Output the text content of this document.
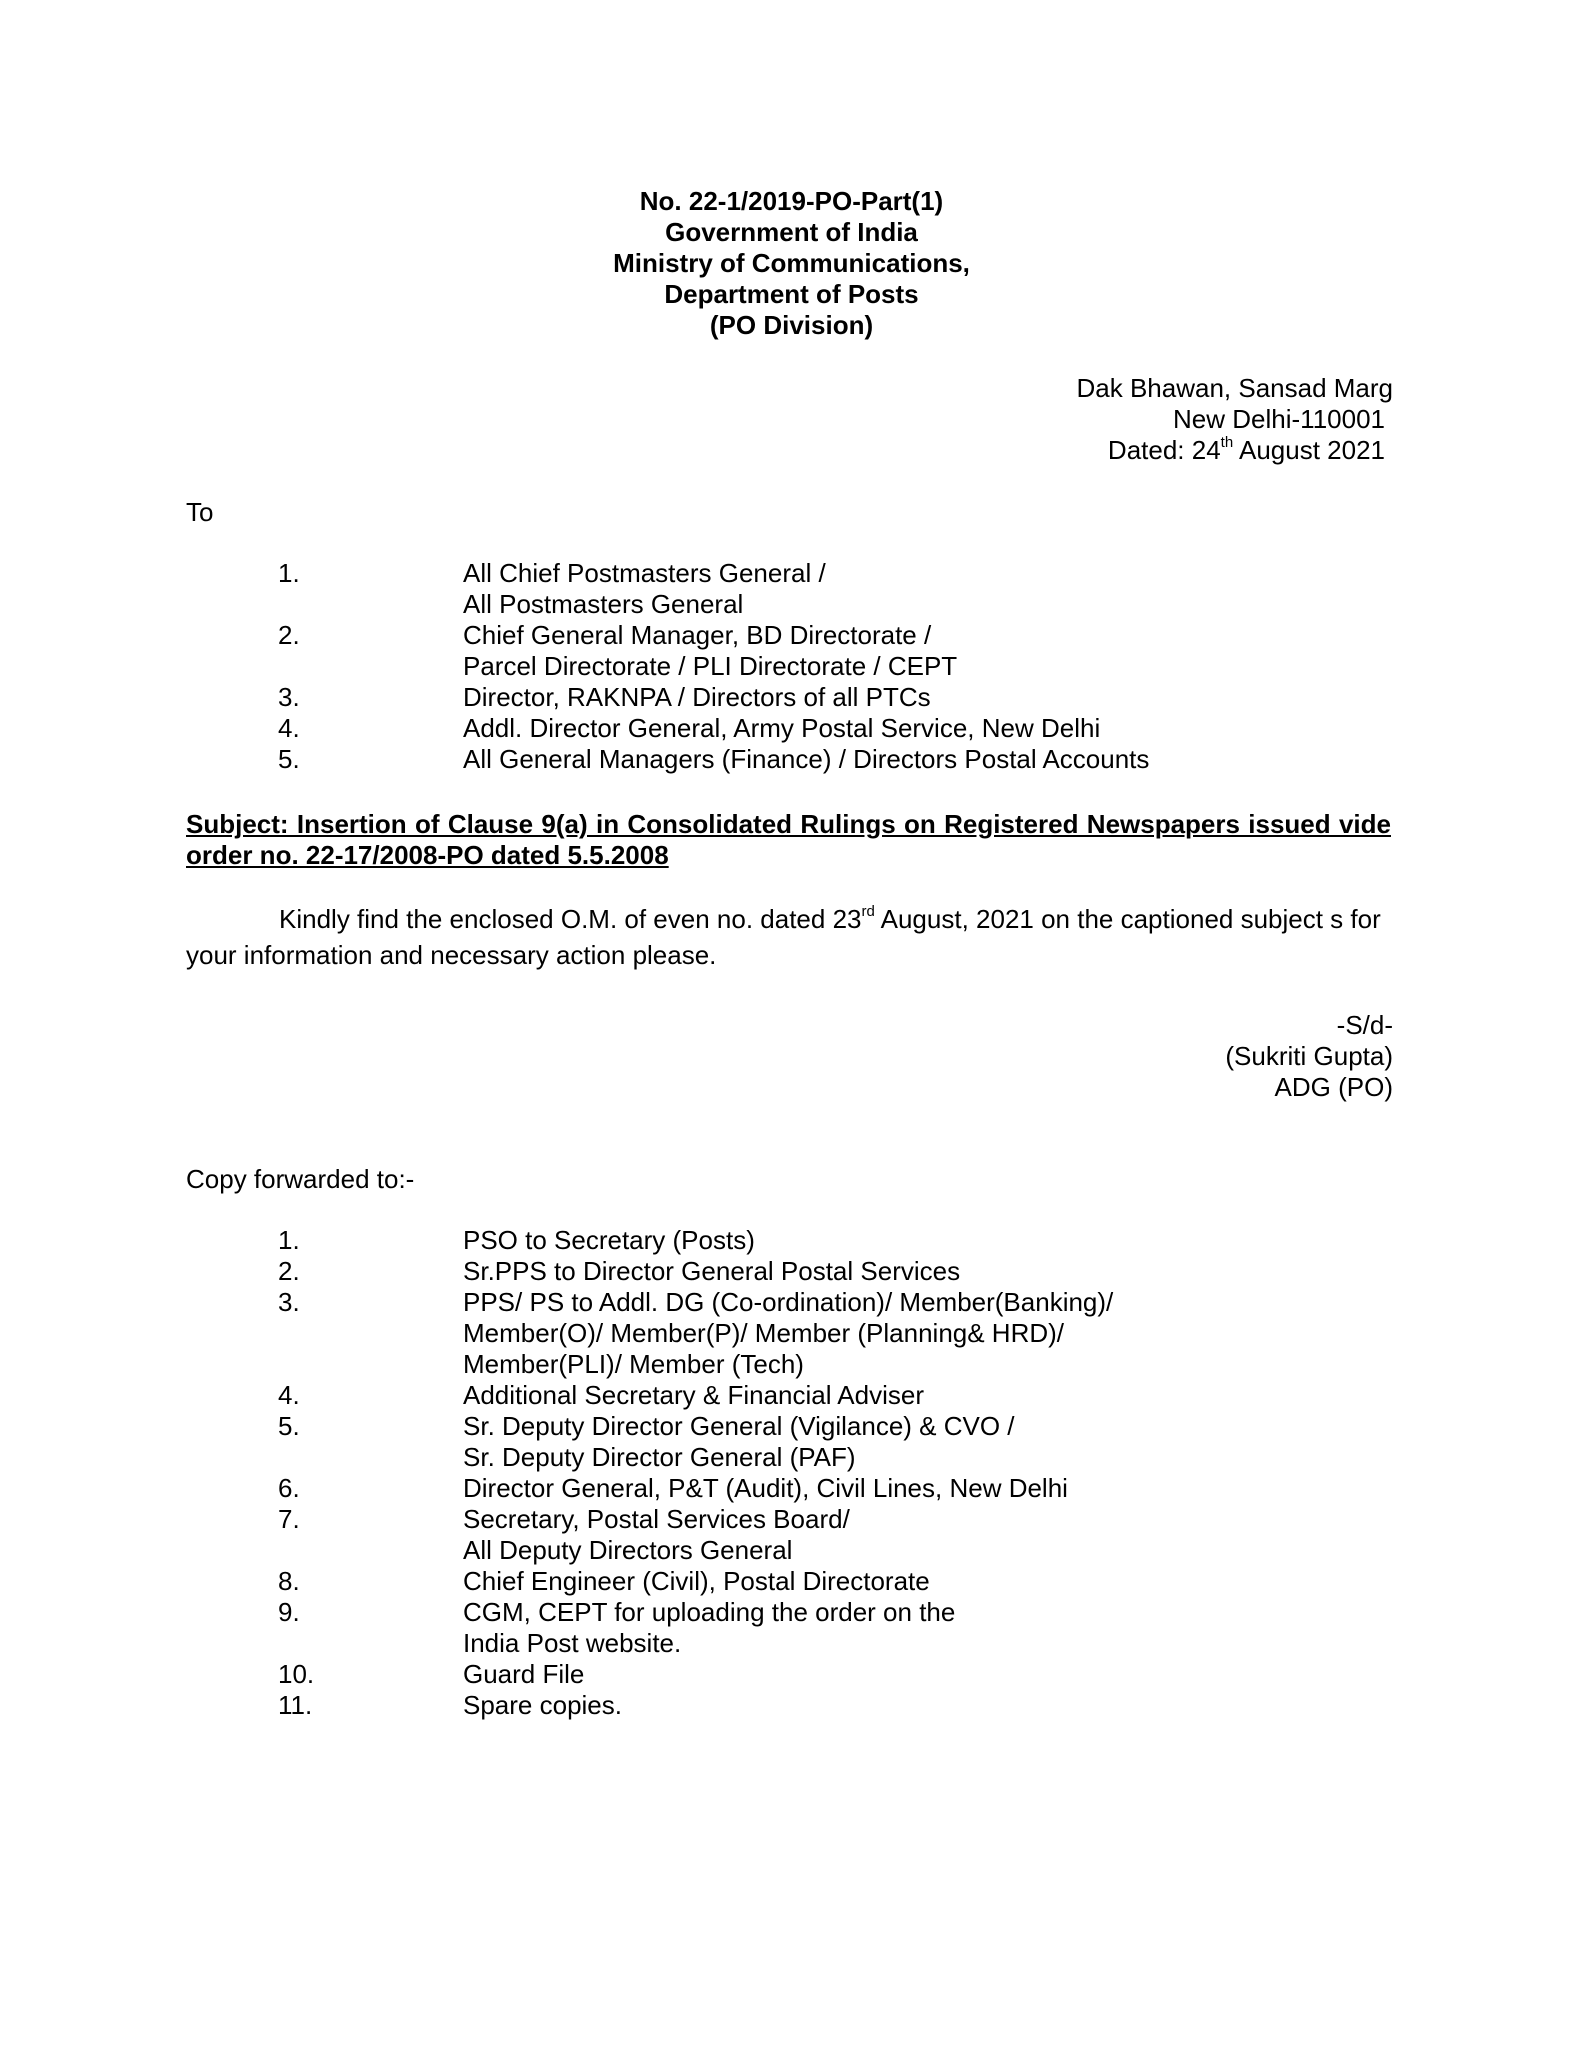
No. 22-1/2019-PO-Part(1)
Government of India
Ministry of Communications,
Department of Posts
(PO Division)
Dak Bhawan, Sansad Marg
New Delhi-110001
Dated: 24th August 2021
To
1.	All Chief Postmasters General /
All Postmasters General
2.	Chief General Manager, BD Directorate /
Parcel Directorate / PLI Directorate / CEPT
3.	Director, RAKNPA / Directors of all PTCs
4.	Addl. Director General, Army Postal Service, New Delhi
5.	All General Managers (Finance) / Directors Postal Accounts
Subject: Insertion of Clause 9(a) in Consolidated Rulings on Registered Newspapers issued vide order no. 22-17/2008-PO dated 5.5.2008
Kindly find the enclosed O.M. of even no. dated 23rd August, 2021 on the captioned subject s for your information and necessary action please.
-S/d-
(Sukriti Gupta)
ADG (PO)
Copy forwarded to:-
1.	PSO to Secretary (Posts)
2.	Sr.PPS to Director General Postal Services
3.	PPS/ PS to Addl. DG (Co-ordination)/ Member(Banking)/
Member(O)/ Member(P)/ Member (Planning& HRD)/
Member(PLI)/ Member (Tech)
4.	Additional Secretary & Financial Adviser
5.	Sr. Deputy Director General (Vigilance) & CVO /
Sr. Deputy Director General (PAF)
6.	Director General, P&T (Audit), Civil Lines, New Delhi
7.	Secretary, Postal Services Board/
All Deputy Directors General
8.	Chief Engineer (Civil), Postal Directorate
9.	CGM, CEPT for uploading the order on the
India Post website.
10.	Guard File
11.	Spare copies.
